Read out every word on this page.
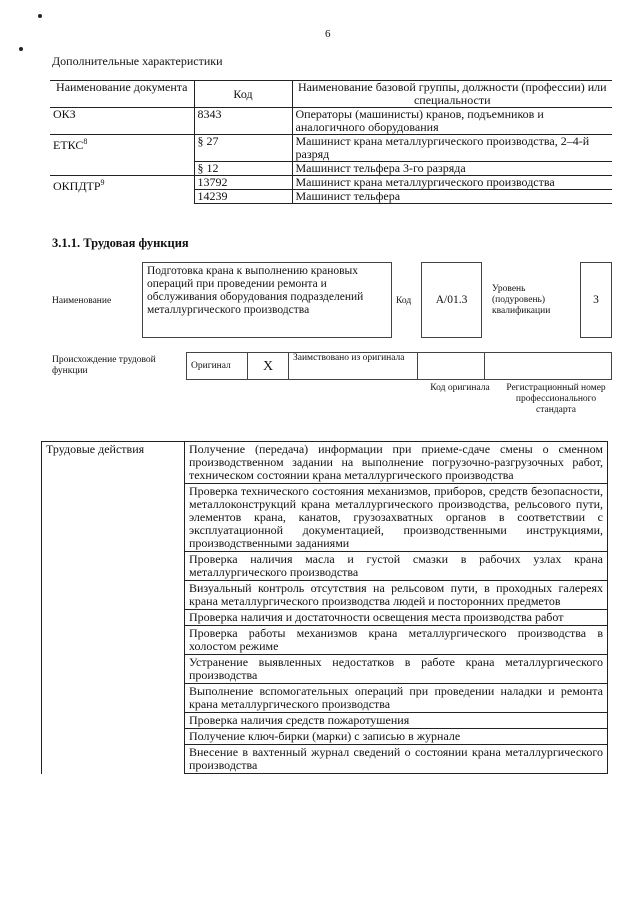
6
Дополнительные характеристики
Наименование документа	Код	Наименование базовой группы, должности (профессии) или специальности
ОКЗ	8343	Операторы (машинисты) кранов, подъемников и аналогичного оборудования
ЕТКС$^8$	§ 27	Машинист крана металлургического производства, 2–4-й разряд
	§ 12	Машинист тельфера 3-го разряда
ОКПДТР$^9$	13792	Машинист крана металлургического производства
	14239	Машинист тельфера
3.1.1. Трудовая функция
Наименование
Подготовка крана к выполнению крановых операций при проведении ремонта и обслуживания оборудования подразделений металлургического производства
Код A/01.3
Уровень (подуровень) квалификации
3
Происхождение трудовой функции
Оригинал	X	Заимствовано из оригинала		
Код оригинала	Регистрационный номер профессионального стандарта
Трудовые действия	Получение (передача) информации при приеме-сдаче смены о сменном производственном задании на выполнение погрузочно-разгрузочных работ, техническом состоянии крана металлургического производства
Проверка технического состояния механизмов, приборов, средств безопасности, металлоконструкций крана металлургического производства, рельсового пути, элементов крана, канатов, грузозахватных органов в соответствии с эксплуатационной документацией, производственными инструкциями, производственными заданиями
Проверка наличия масла и густой смазки в рабочих узлах крана металлургического производства
Визуальный контроль отсутствия на рельсовом пути, в проходных галереях крана металлургического производства людей и посторонних предметов
Проверка наличия и достаточности освещения места производства работ
Проверка работы механизмов крана металлургического производства в холостом режиме
Устранение выявленных недостатков в работе крана металлургического производства
Выполнение вспомогательных операций при проведении наладки и ремонта крана металлургического производства
Проверка наличия средств пожаротушения
Получение ключ-бирки (марки) с записью в журнале
Внесение в вахтенный журнал сведений о состоянии крана металлургического производства
